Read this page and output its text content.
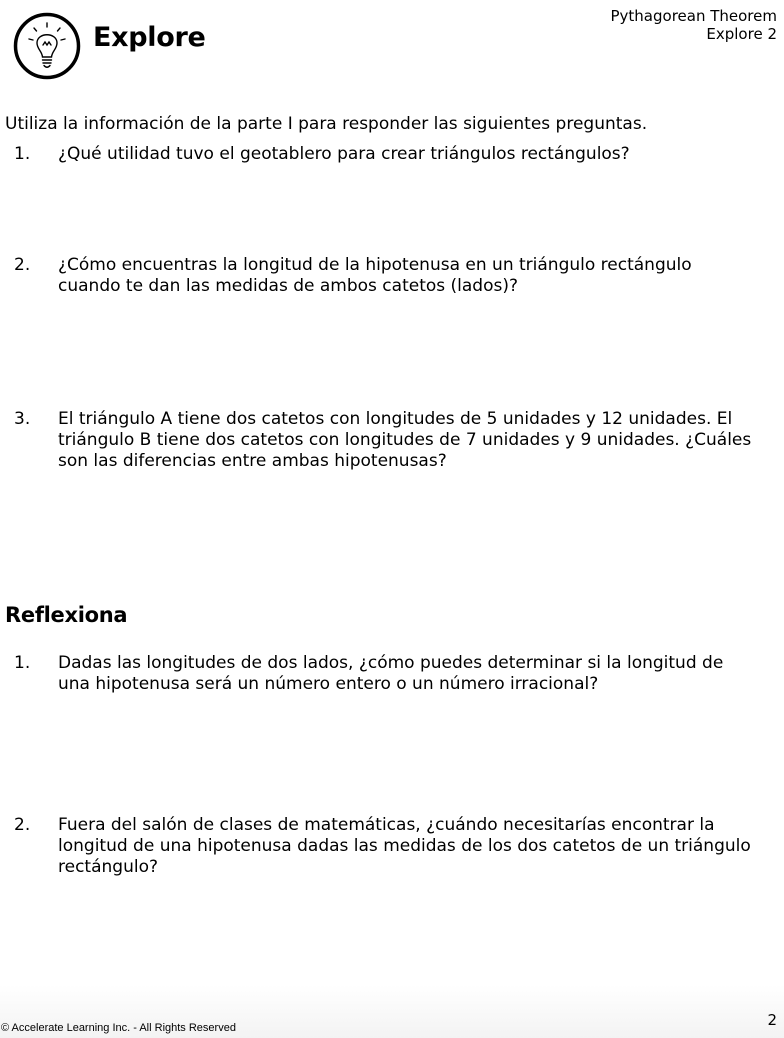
Explore
Pythagorean Theorem
Explore 2
Utiliza la información de la parte I para responder las siguientes preguntas.
1. ¿Qué utilidad tuvo el geotablero para crear triángulos rectángulos?
2. ¿Cómo encuentras la longitud de la hipotenusa en un triángulo rectángulo cuando te dan las medidas de ambos catetos (lados)?
3. El triángulo A tiene dos catetos con longitudes de 5 unidades y 12 unidades. El triángulo B tiene dos catetos con longitudes de 7 unidades y 9 unidades. ¿Cuáles son las diferencias entre ambas hipotenusas?
Reflexiona
1. Dadas las longitudes de dos lados, ¿cómo puedes determinar si la longitud de una hipotenusa será un número entero o un número irracional?
2. Fuera del salón de clases de matemáticas, ¿cuándo necesitarías encontrar la longitud de una hipotenusa dadas las medidas de los dos catetos de un triángulo rectángulo?
© Accelerate Learning Inc. - All Rights Reserved	2
